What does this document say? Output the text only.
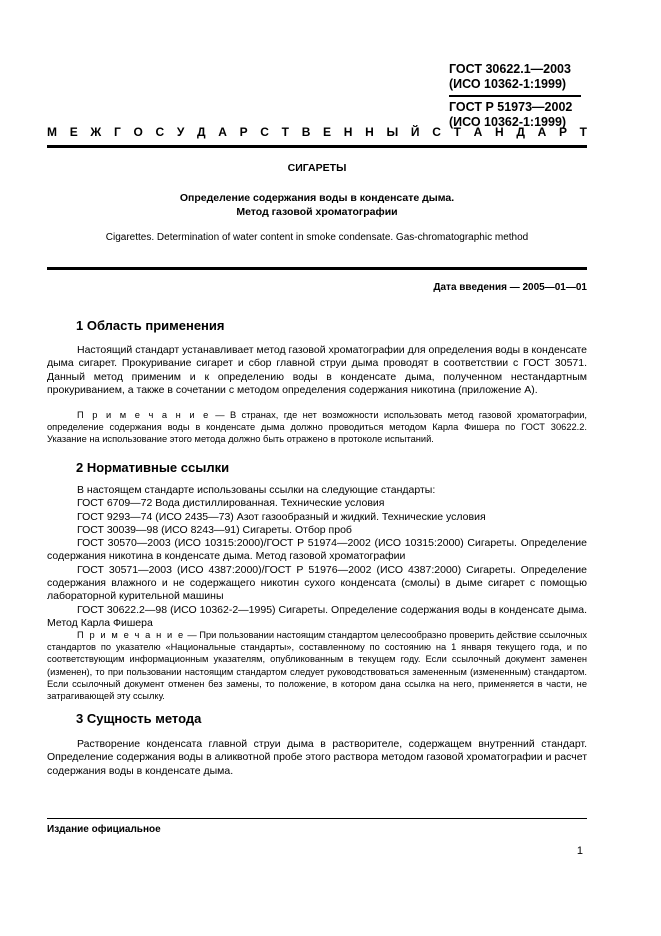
ГОСТ 30622.1—2003
(ИСО 10362-1:1999)
ГОСТ Р 51973—2002
(ИСО 10362-1:1999)
М Е Ж Г О С У Д А Р С Т В Е Н Н Ы Й С Т А Н Д А Р Т
СИГАРЕТЫ
Определение содержания воды в конденсате дыма.
Метод газовой хроматографии
Cigarettes. Determination of water content in smoke condensate. Gas-chromatographic method
Дата введения — 2005—01—01
1 Область применения

Настоящий стандарт устанавливает метод газовой хроматографии для определения воды в конденсате дыма сигарет. Прокуривание сигарет и сбор главной струи дыма проводят в соответствии с ГОСТ 30571. Данный метод применим и к определению воды в конденсате дыма, полученном нестандартным прокуриванием, а также в сочетании с методом определения содержания никотина (приложение А).

П р и м е ч а н и е — В странах, где нет возможности использовать метод газовой хроматографии, определение содержания воды в конденсате дыма должно проводиться методом Карла Фишера по ГОСТ 30622.2. Указание на использование этого метода должно быть отражено в протоколе испытаний.

2 Нормативные ссылки

В настоящем стандарте использованы ссылки на следующие стандарты:

ГОСТ 6709—72 Вода дистиллированная. Технические условия

ГОСТ 9293—74 (ИСО 2435—73) Азот газообразный и жидкий. Технические условия

ГОСТ 30039—98 (ИСО 8243—91) Сигареты. Отбор проб

ГОСТ 30570—2003 (ИСО 10315:2000)/ГОСТ Р 51974—2002 (ИСО 10315:2000) Сигареты. Определение содержания никотина в конденсате дыма. Метод газовой хроматографии

ГОСТ 30571—2003 (ИСО 4387:2000)/ГОСТ Р 51976—2002 (ИСО 4387:2000) Сигареты. Определение содержания влажного и не содержащего никотин сухого конденсата (смолы) в дыме сигарет с помощью лабораторной курительной машины

ГОСТ 30622.2—98 (ИСО 10362-2—1995) Сигареты. Определение содержания воды в конденсате дыма. Метод Карла Фишера

П р и м е ч а н и е — При пользовании настоящим стандартом целесообразно проверить действие ссылочных стандартов по указателю «Национальные стандарты», составленному по состоянию на 1 января текущего года, и по соответствующим информационным указателям, опубликованным в текущем году. Если ссылочный документ заменен (изменен), то при пользовании настоящим стандартом следует руководствоваться замененным (измененным) стандартом. Если ссылочный документ отменен без замены, то положение, в котором дана ссылка на него, применяется в части, не затрагивающей эту ссылку.

3 Сущность метода

Растворение конденсата главной струи дыма в растворителе, содержащем внутренний стандарт. Определение содержания воды в аликвотной пробе этого раствора методом газовой хроматографии и расчет содержания воды в конденсате дыма.

Издание официальное
1
